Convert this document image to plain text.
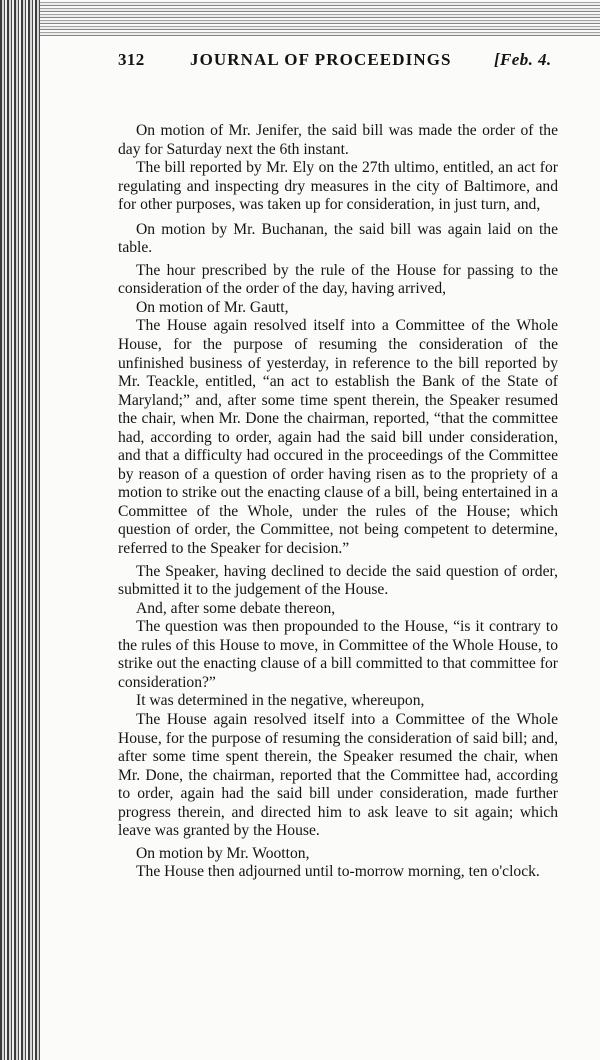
312	JOURNAL OF PROCEEDINGS [Feb. 4.

On motion of Mr. Jenifer, the said bill was made the order of the day for Saturday next the 6th instant.

The bill reported by Mr. Ely on the 27th ultimo, entitled, an act for regulating and inspecting dry measures in the city of Baltimore, and for other purposes, was taken up for consideration, in just turn, and,

On motion by Mr. Buchanan, the said bill was again laid on the table.

The hour prescribed by the rule of the House for passing to the consideration of the order of the day, having arrived,

On motion of Mr. Gautt,

The House again resolved itself into a Committee of the Whole House, for the purpose of resuming the consideration of the unfinished business of yesterday, in reference to the bill reported by Mr. Teackle, entitled, “an act to establish the Bank of the State of Maryland;” and, after some time spent therein, the Speaker resumed the chair, when Mr. Done the chairman, reported, “that the committee had, according to order, again had the said bill under consideration, and that a difficulty had occured in the proceedings of the Committee by reason of a question of order having risen as to the propriety of a motion to strike out the enacting clause of a bill, being entertained in a Committee of the Whole, under the rules of the House; which question of order, the Committee, not being competent to determine, referred to the Speaker for decision.”

The Speaker, having declined to decide the said question of order, submitted it to the judgement of the House.

And, after some debate thereon,

The question was then propounded to the House, “is it contrary to the rules of this House to move, in Committee of the Whole House, to strike out the enacting clause of a bill committed to that committee for consideration?”

It was determined in the negative, whereupon,

The House again resolved itself into a Committee of the Whole House, for the purpose of resuming the consideration of said bill; and, after some time spent therein, the Speaker resumed the chair, when Mr. Done, the chairman, reported that the Committee had, according to order, again had the said bill under consideration, made further progress therein, and directed him to ask leave to sit again; which leave was granted by the House.

On motion by Mr. Wootton,

The House then adjourned until to-morrow morning, ten o'clock.
